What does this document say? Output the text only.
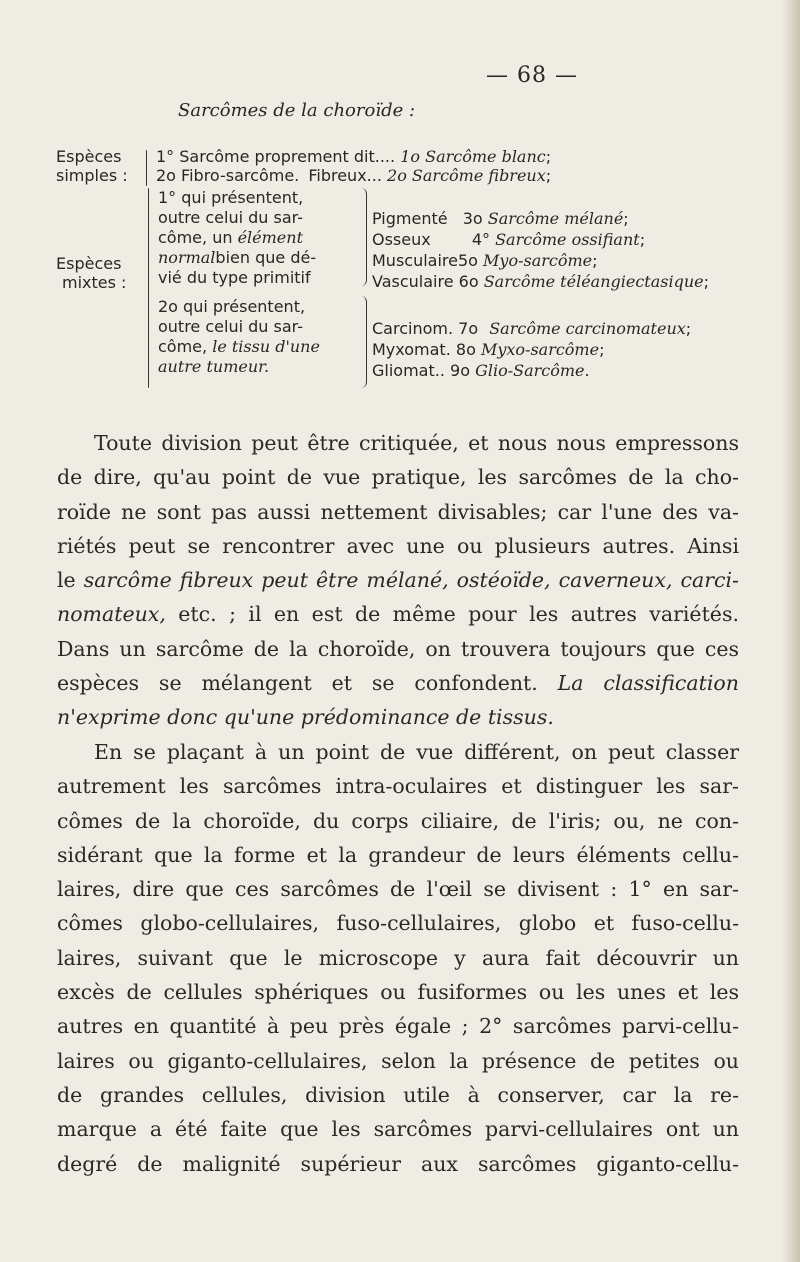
— 68 —
Sarcômes de la choroïde :
Espèces
simples :
1° Sarcôme proprement dit.... 1o Sarcôme blanc;
2o Fibro-sarcôme. Fibreux... 2o Sarcôme fibreux;
Espèces
mixtes :
1° qui présentent,
outre celui du sar-
côme, un élément
normalbien que dé-
vié du type primitif
2o qui présentent,
outre celui du sar-
côme, le tissu d'une
autre tumeur.
Pigmenté 3o Sarcôme mélané;
Osseux	4° Sarcôme ossifiant;
Musculaire5o Myo-sarcôme;
Vasculaire 6o Sarcôme téléangiectasique;
Carcinom. 7o Sarcôme carcinomateux;
Myxomat. 8o Myxo-sarcôme;
Gliomat.. 9o Glio-Sarcôme.
Toute division peut être critiquée, et nous nous empressons
de dire, qu'au point de vue pratique, les sarcômes de la cho-
roïde ne sont pas aussi nettement divisables; car l'une des va-
riétés peut se rencontrer avec une ou plusieurs autres. Ainsi
le sarcôme fibreux peut être mélané, ostéoïde, caverneux, carci-
nomateux, etc. ; il en est de même pour les autres variétés.
Dans un sarcôme de la choroïde, on trouvera toujours que ces
espèces se mélangent et se confondent. La classification
n'exprime donc qu'une prédominance de tissus.
En se plaçant à un point de vue différent, on peut classer
autrement les sarcômes intra-oculaires et distinguer les sar-
cômes de la choroïde, du corps ciliaire, de l'iris; ou, ne con-
sidérant que la forme et la grandeur de leurs éléments cellu-
laires, dire que ces sarcômes de l'œil se divisent : 1° en sar-
cômes globo-cellulaires, fuso-cellulaires, globo et fuso-cellu-
laires, suivant que le microscope y aura fait découvrir un
excès de cellules sphériques ou fusiformes ou les unes et les
autres en quantité à peu près égale ; 2° sarcômes parvi-cellu-
laires ou giganto-cellulaires, selon la présence de petites ou
de grandes cellules, division utile à conserver, car la re-
marque a été faite que les sarcômes parvi-cellulaires ont un
degré de malignité supérieur aux sarcômes giganto-cellu-
